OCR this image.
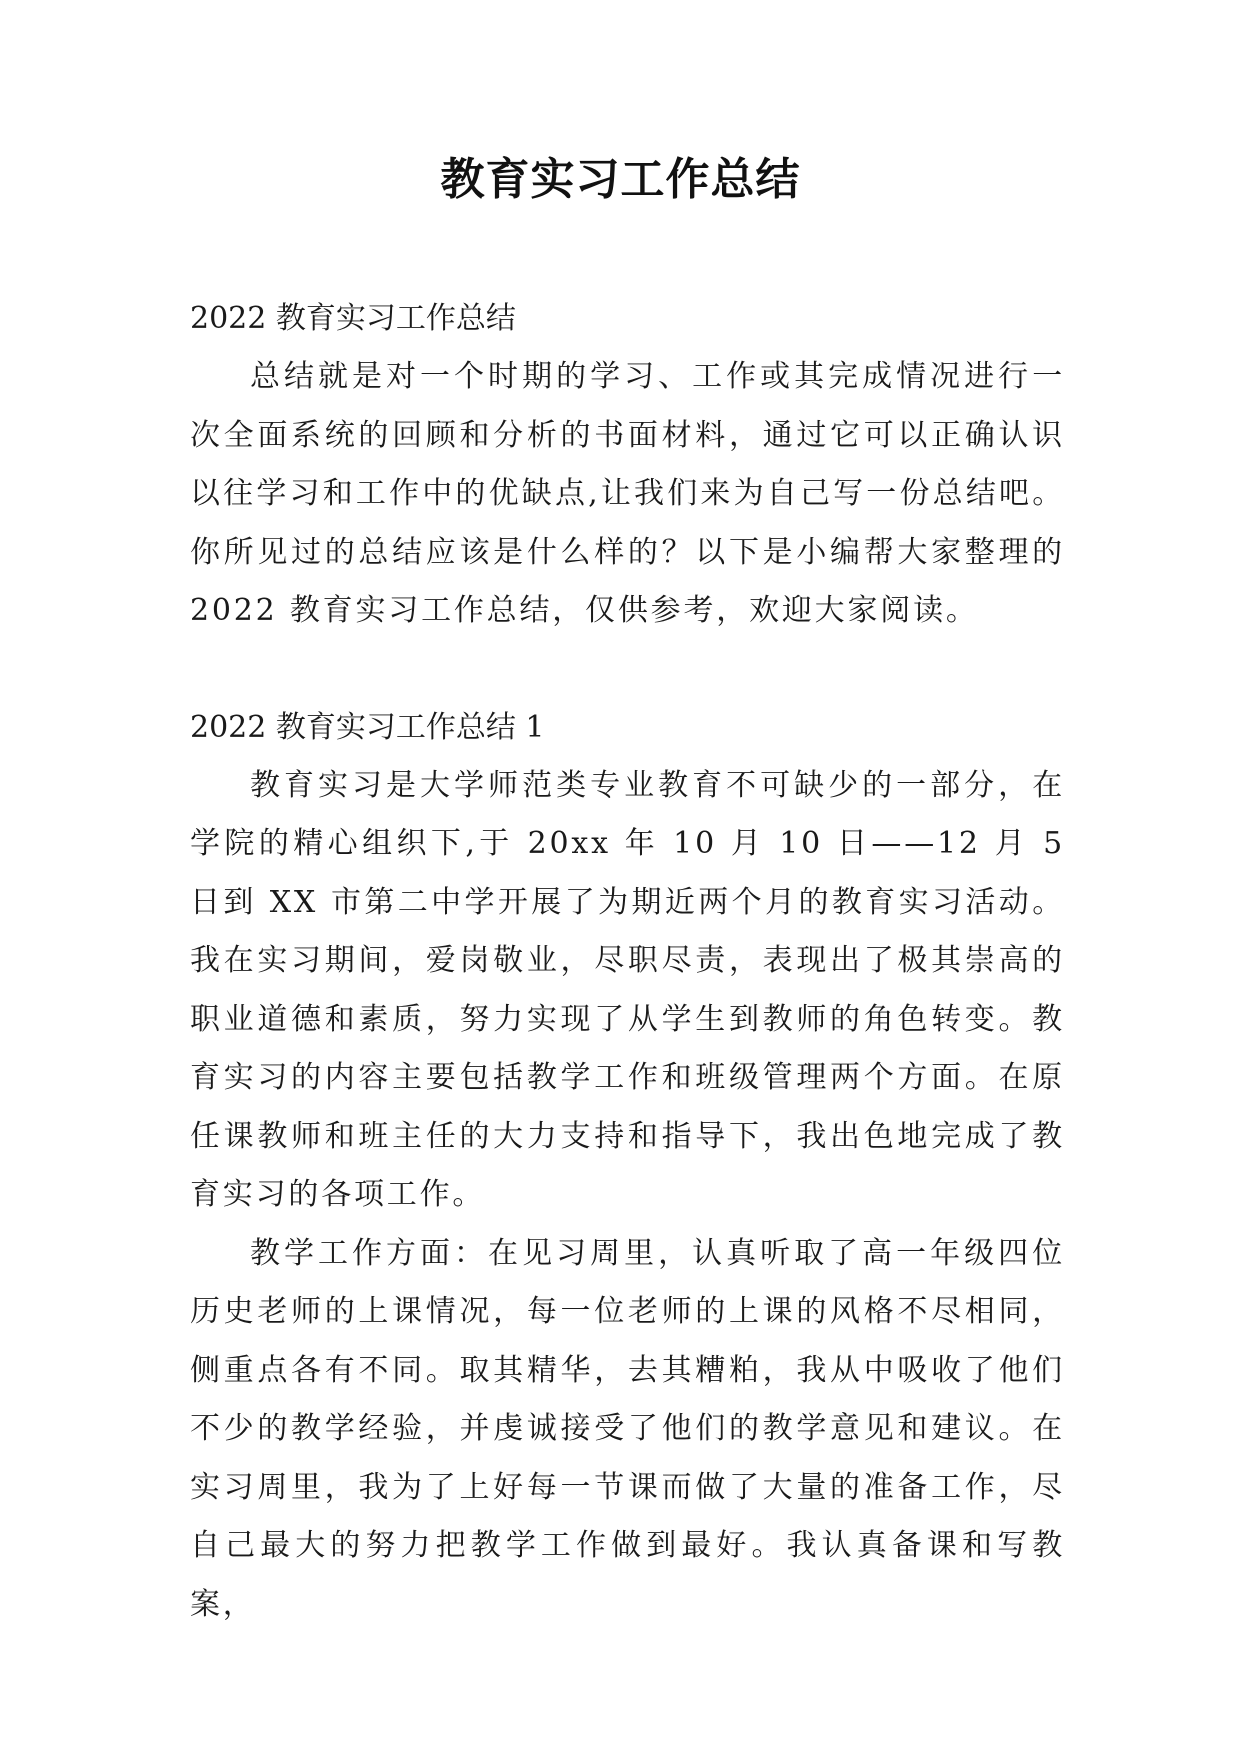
教育实习工作总结

2022 教育实习工作总结

总结就是对一个时期的学习、工作或其完成情况进行一次全面系统的回顾和分析的书面材料，通过它可以正确认识以往学习和工作中的优缺点,让我们来为自己写一份总结吧。你所见过的总结应该是什么样的？以下是小编帮大家整理的 2022 教育实习工作总结，仅供参考，欢迎大家阅读。

2022 教育实习工作总结 1

教育实习是大学师范类专业教育不可缺少的一部分，在学院的精心组织下,于 20xx 年 10 月 10 日——12 月 5 日到 XX 市第二中学开展了为期近两个月的教育实习活动。我在实习期间，爱岗敬业，尽职尽责，表现出了极其崇高的职业道德和素质，努力实现了从学生到教师的角色转变。教育实习的内容主要包括教学工作和班级管理两个方面。在原任课教师和班主任的大力支持和指导下，我出色地完成了教育实习的各项工作。

教学工作方面：在见习周里，认真听取了高一年级四位历史老师的上课情况，每一位老师的上课的风格不尽相同，侧重点各有不同。取其精华，去其糟粕，我从中吸收了他们不少的教学经验，并虔诚接受了他们的教学意见和建议。在实习周里，我为了上好每一节课而做了大量的准备工作，尽自己最大的努力把教学工作做到最好。我认真备课和写教案，
